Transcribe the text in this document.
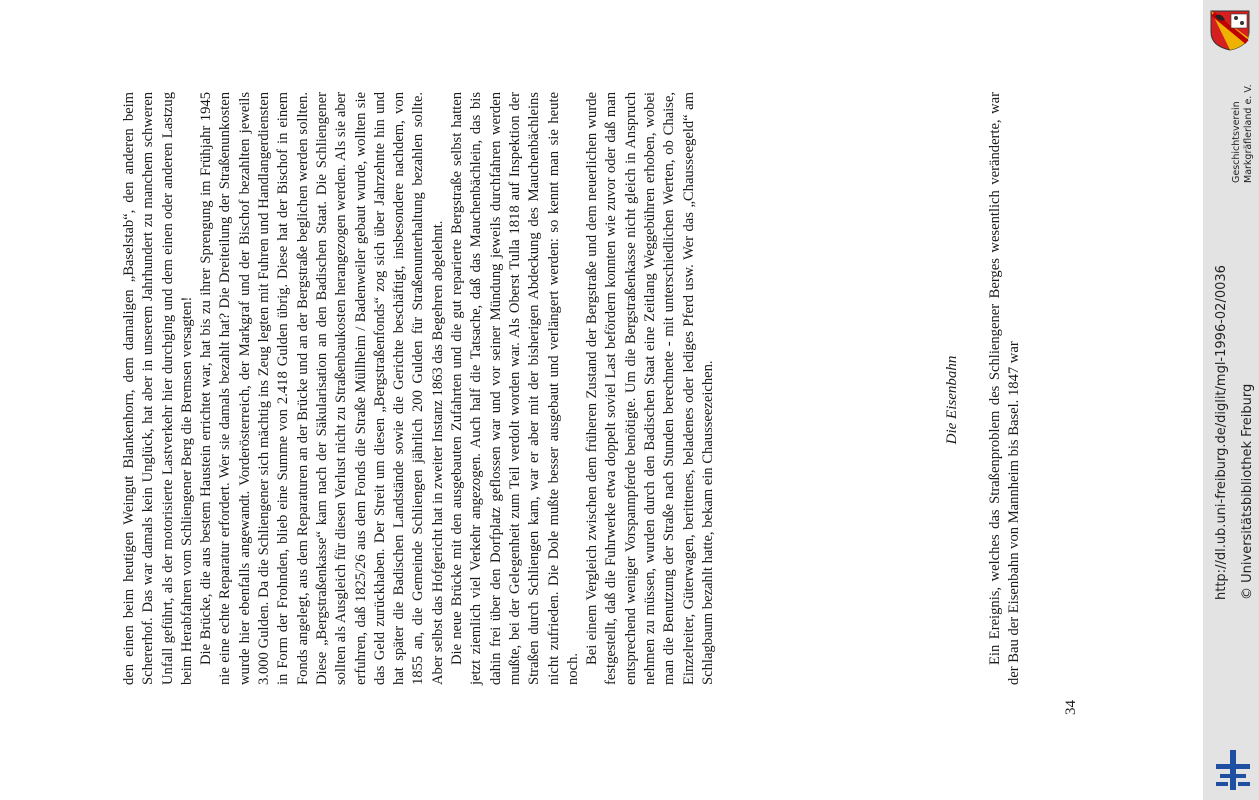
den einen beim heutigen Weingut Blankenhorn, dem damaligen „Baselstab“, den anderen beim Schererhof. Das war damals kein Unglück, hat aber in unserem Jahrhundert zu manchem schweren Unfall geführt, als der motorisierte Lastverkehr hier durchging und dem einen oder anderen Lastzug beim Herabfahren vom Schliengener Berg die Bremsen versagten! Die Brücke, die aus bestem Haustein errichtet war, hat bis zu ihrer Sprengung im Frühjahr 1945 nie eine echte Reparatur erfordert. Wer sie damals bezahlt hat? Die Dreiteilung der Straßenunkosten wurde hier ebenfalls angewandt. Vorderösterreich, der Markgraf und der Bischof bezahlten jeweils 3.000 Gulden. Da die Schliengener sich mächtig ins Zeug legten mit Fuhren und Handlangerdiensten in Form der Frohnden, blieb eine Summe von 2.418 Gulden übrig. Diese hat der Bischof in einem Fonds angelegt, aus dem Reparaturen an der Brücke und an der Bergstraße beglichen werden sollten. Diese „Bergstraßenkasse“ kam nach der Säkularisation an den Badischen Staat. Die Schliengener sollten als Ausgleich für diesen Verlust nicht zu Straßenbaukosten herangezogen werden. Als sie aber erfuhren, daß 1825/26 aus dem Fonds die Straße Müllheim / Badenweiler gebaut wurde, wollten sie das Geld zurückhaben. Der Streit um diesen „Bergstraßenfonds“ zog sich über Jahrzehnte hin und hat später die Badischen Landstände sowie die Gerichte beschäftigt, insbesondere nachdem, von 1855 an, die Gemeinde Schliengen jährlich 200 Gulden für Straßenunterhaltung bezahlen sollte. Aber selbst das Hofgericht hat in zweiter Instanz 1863 das Begehren abgelehnt. Die neue Brücke mit den ausgebauten Zufahrten und die gut reparierte Bergstraße selbst hatten jetzt ziemlich viel Verkehr angezogen. Auch half die Tatsache, daß das Mauchenbächlein, das bis dahin frei über den Dorfplatz geflossen war und vor seiner Mündung jeweils durchfahren werden mußte, bei der Gelegenheit zum Teil verdolt worden war. Als Oberst Tulla 1818 auf Inspektion der Straßen durch Schliengen kam, war er aber mit der bisherigen Abdeckung des Mauchenbächleins nicht zufrieden. Die Dole mußte besser ausgebaut und verlängert werden: so kennt man sie heute noch.

Bei einem Vergleich zwischen dem früheren Zustand der Bergstraße und dem neuerlichen wurde festgestellt, daß die Fuhrwerke etwa doppelt soviel Last befördern konnten wie zuvor oder daß man entsprechend weniger Vorspannpferde benötigte. Um die Bergstraßenkasse nicht gleich in Anspruch nehmen zu müssen, wurden durch den Badischen Staat eine Zeitlang Weggebühren erhoben, wobei man die Benutzung der Straße nach Stunden berechnete - mit unterschiedlichen Werten, ob Chaise, Einzelreiter, Güterwagen, berittenes, beladenes oder lediges Pferd usw. Wer das „Chausseegeld“ am Schlagbaum bezahlt hatte, bekam ein Chausseezeichen.	Die Eisenbahn Ein Ereignis, welches das Straßenproblem des Schliengener Berges wesentlich veränderte, war der Bau der Eisenbahn von Mannheim bis Basel. 1847 war

34
http://dl.ub.uni-freiburg.de/diglit/mgl-1996-02/0036 © Universitätsbibliothek Freiburg
Geschichtsverein Markgräflerland e. V.
